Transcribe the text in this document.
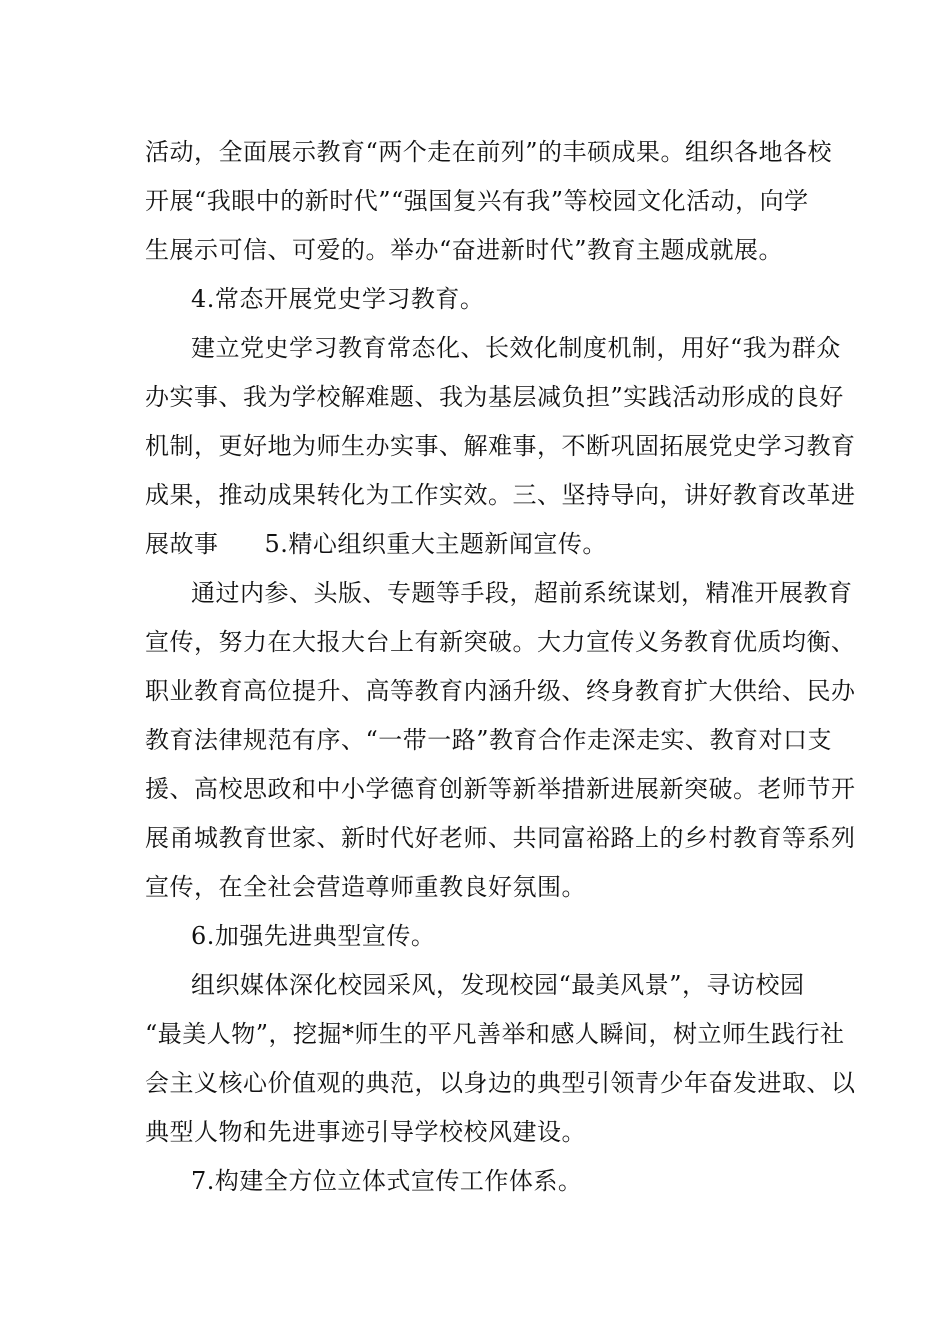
活动，全面展示教育“两个走在前列”的丰硕成果。组织各地各校
开展“我眼中的新时代”“强国复兴有我”等校园文化活动，向学
生展示可信、可爱的。举办“奋进新时代”教育主题成就展。

4.常态开展党史学习教育。

建立党史学习教育常态化、长效化制度机制，用好“我为群众
办实事、我为学校解难题、我为基层减负担”实践活动形成的良好
机制，更好地为师生办实事、解难事，不断巩固拓展党史学习教育
成果，推动成果转化为工作实效。三、坚持导向，讲好教育改革进
展故事 5.精心组织重大主题新闻宣传。

通过内参、头版、专题等手段，超前系统谋划，精准开展教育
宣传，努力在大报大台上有新突破。大力宣传义务教育优质均衡、
职业教育高位提升、高等教育内涵升级、终身教育扩大供给、民办
教育法律规范有序、“一带一路”教育合作走深走实、教育对口支
援、高校思政和中小学德育创新等新举措新进展新突破。老师节开
展甬城教育世家、新时代好老师、共同富裕路上的乡村教育等系列
宣传，在全社会营造尊师重教良好氛围。

6.加强先进典型宣传。

组织媒体深化校园采风，发现校园“最美风景”，寻访校园
“最美人物”，挖掘*师生的平凡善举和感人瞬间，树立师生践行社
会主义核心价值观的典范，以身边的典型引领青少年奋发进取、以
典型人物和先进事迹引导学校校风建设。

7.构建全方位立体式宣传工作体系。
